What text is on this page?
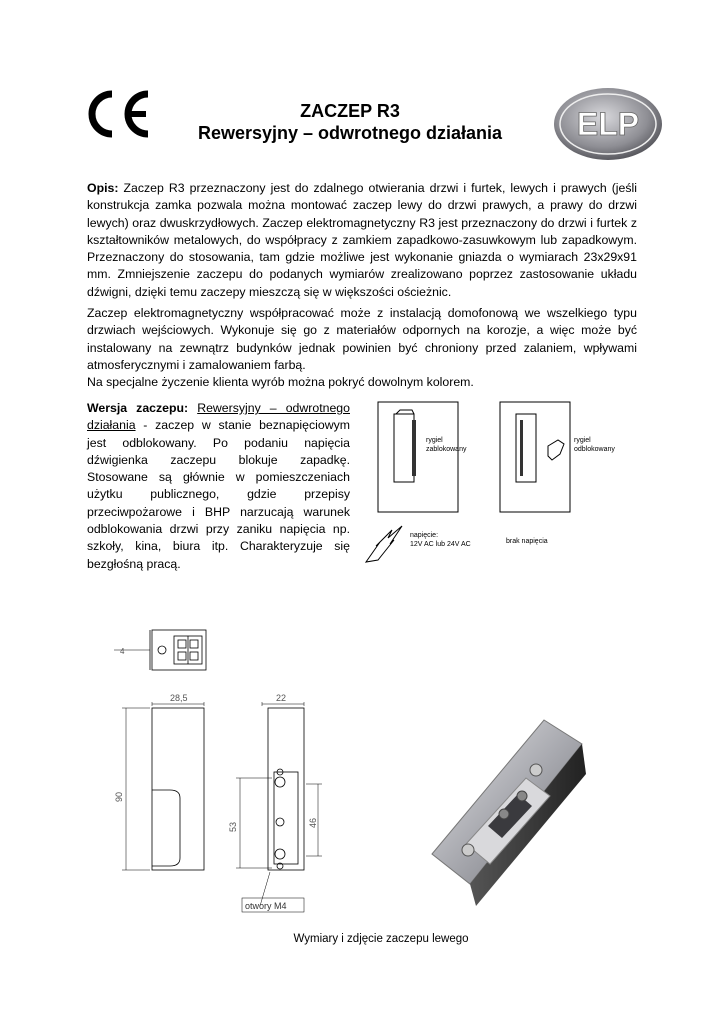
CE
ZACZEP R3
Rewersyjny – odwrotnego działania	ELP
Opis: Zaczep R3 przeznaczony jest do zdalnego otwierania drzwi i furtek, lewych i prawych (jeśli konstrukcja zamka pozwala można montować zaczep lewy do drzwi prawych, a prawy do drzwi lewych) oraz dwuskrzydłowych. Zaczep elektromagnetyczny R3 jest przeznaczony do drzwi i furtek z kształtowników metalowych, do współpracy z zamkiem zapadkowo-zasuwkowym lub zapadkowym. Przeznaczony do stosowania, tam gdzie możliwe jest wykonanie gniazda o wymiarach 23x29x91 mm. Zmniejszenie zaczepu do podanych wymiarów zrealizowano poprzez zastosowanie układu dźwigni, dzięki temu zaczepy mieszczą się w większości ościeżnic.
Zaczep elektromagnetyczny współpracować może z instalacją domofonową we wszelkiego typu drzwiach wejściowych. Wykonuje się go z materiałów odpornych na korozje, a więc może być instalowany na zewnątrz budynków jednak powinien być chroniony przed zalaniem, wpływami atmosferycznymi i zamalowaniem farbą.
Na specjalne życzenie klienta wyrób można pokryć dowolnym kolorem.
Wersja zaczepu: Rewersyjny – odwrotnego działania - zaczep w stanie beznapięciowym jest odblokowany. Po podaniu napięcia dźwigienka zaczepu blokuje zapadkę. Stosowane są głównie w pomieszczeniach użytku publicznego, gdzie przepisy przeciwpożarowe i BHP narzucają warunek odblokowania drzwi przy zaniku napięcia np. szkoły, kina, biura itp. Charakteryzuje się bezgłośną pracą.
rygiel
zablokowany
rygiel
odblokowany
napięcie:
12V AC lub 24V AC	brak napięcia
4
28,5	22
90
53	46
otwory M4
Wymiary i zdjęcie zaczepu lewego
